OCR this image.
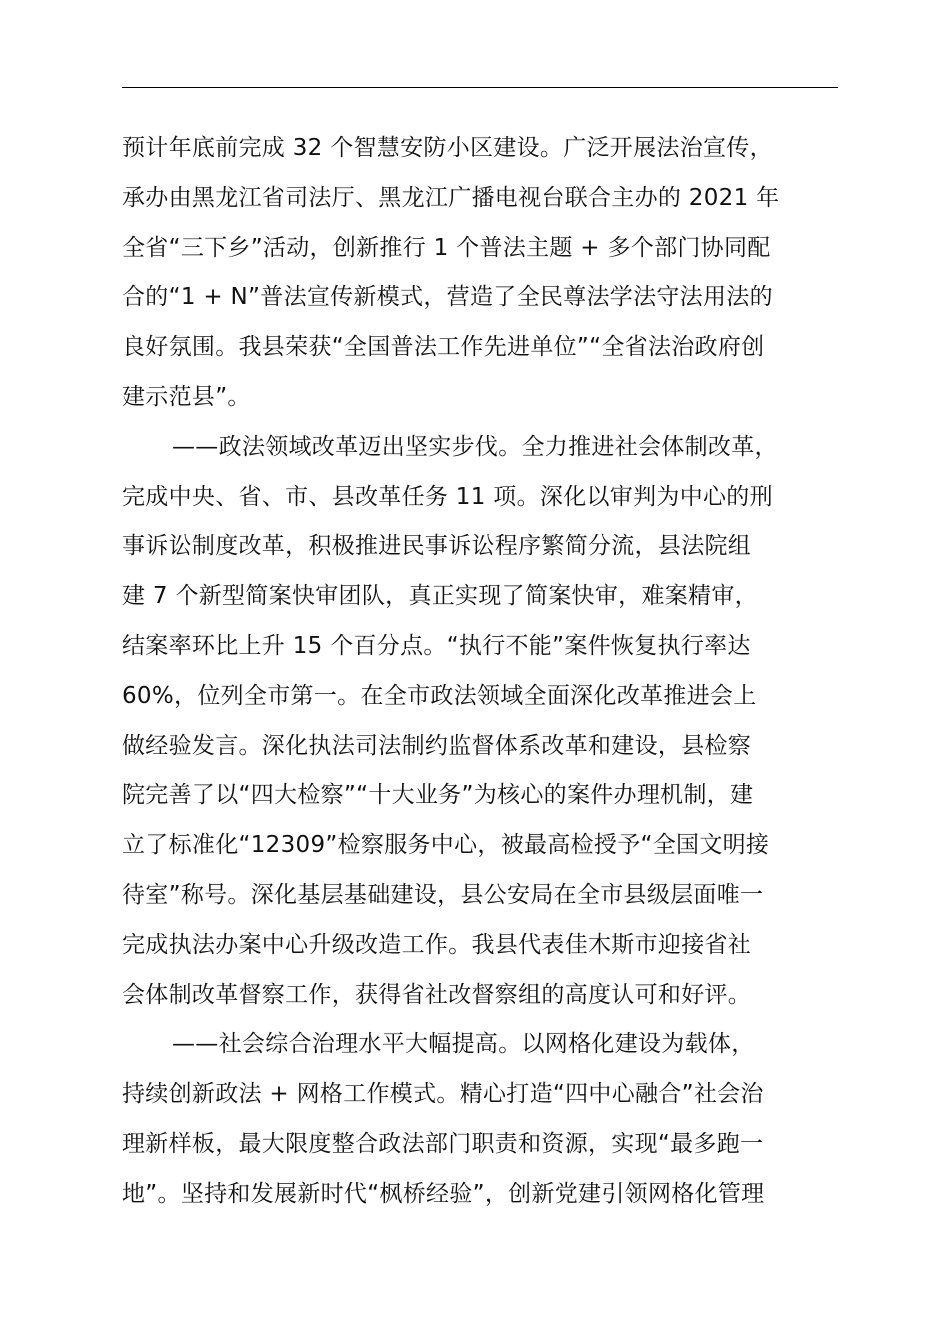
预计年底前完成 32 个智慧安防小区建设。广泛开展法治宣传，
承办由黑龙江省司法厅、黑龙江广播电视台联合主办的 2021 年
全省“三下乡”活动，创新推行 1 个普法主题 + 多个部门协同配
合的“1 + N”普法宣传新模式，营造了全民尊法学法守法用法的
良好氛围。我县荣获“全国普法工作先进单位”“全省法治政府创
建示范县”。
——政法领域改革迈出坚实步伐。全力推进社会体制改革，
完成中央、省、市、县改革任务 11 项。深化以审判为中心的刑
事诉讼制度改革，积极推进民事诉讼程序繁简分流，县法院组
建 7 个新型简案快审团队，真正实现了简案快审，难案精审，
结案率环比上升 15 个百分点。“执行不能”案件恢复执行率达
60%，位列全市第一。在全市政法领域全面深化改革推进会上
做经验发言。深化执法司法制约监督体系改革和建设，县检察
院完善了以“四大检察”“十大业务”为核心的案件办理机制，建
立了标准化“12309”检察服务中心，被最高检授予“全国文明接
待室”称号。深化基层基础建设，县公安局在全市县级层面唯一
完成执法办案中心升级改造工作。我县代表佳木斯市迎接省社
会体制改革督察工作，获得省社改督察组的高度认可和好评。
——社会综合治理水平大幅提高。以网格化建设为载体，
持续创新政法 + 网格工作模式。精心打造“四中心融合”社会治
理新样板，最大限度整合政法部门职责和资源，实现“最多跑一
地”。坚持和发展新时代“枫桥经验”，创新党建引领网格化管理
